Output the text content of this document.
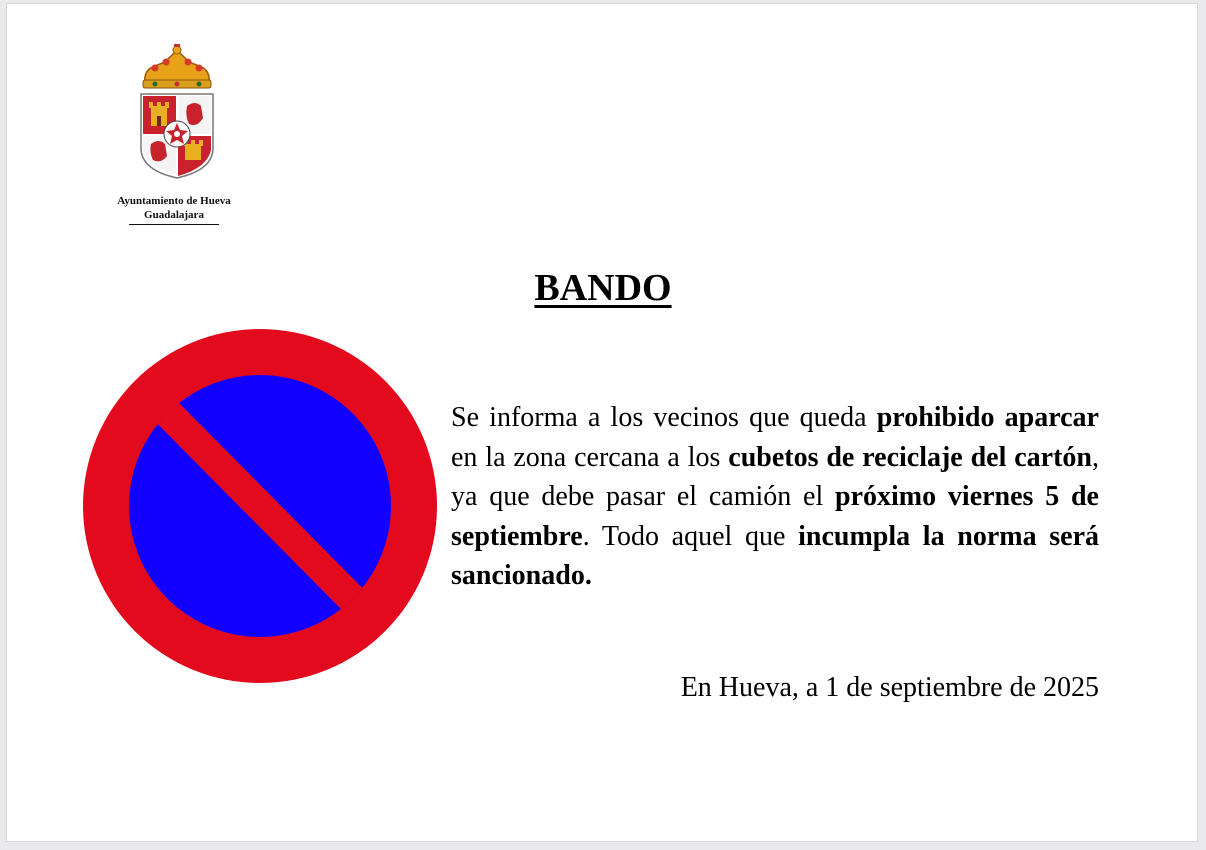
Ayuntamiento de Hueva
Guadalajara
BANDO
Se informa a los vecinos que queda prohibido aparcar en la zona cercana a los cubetos de reciclaje del cartón, ya que debe pasar el camión el próximo viernes 5 de septiembre. Todo aquel que incumpla la norma será sancionado.
En Hueva, a 1 de septiembre de 2025
